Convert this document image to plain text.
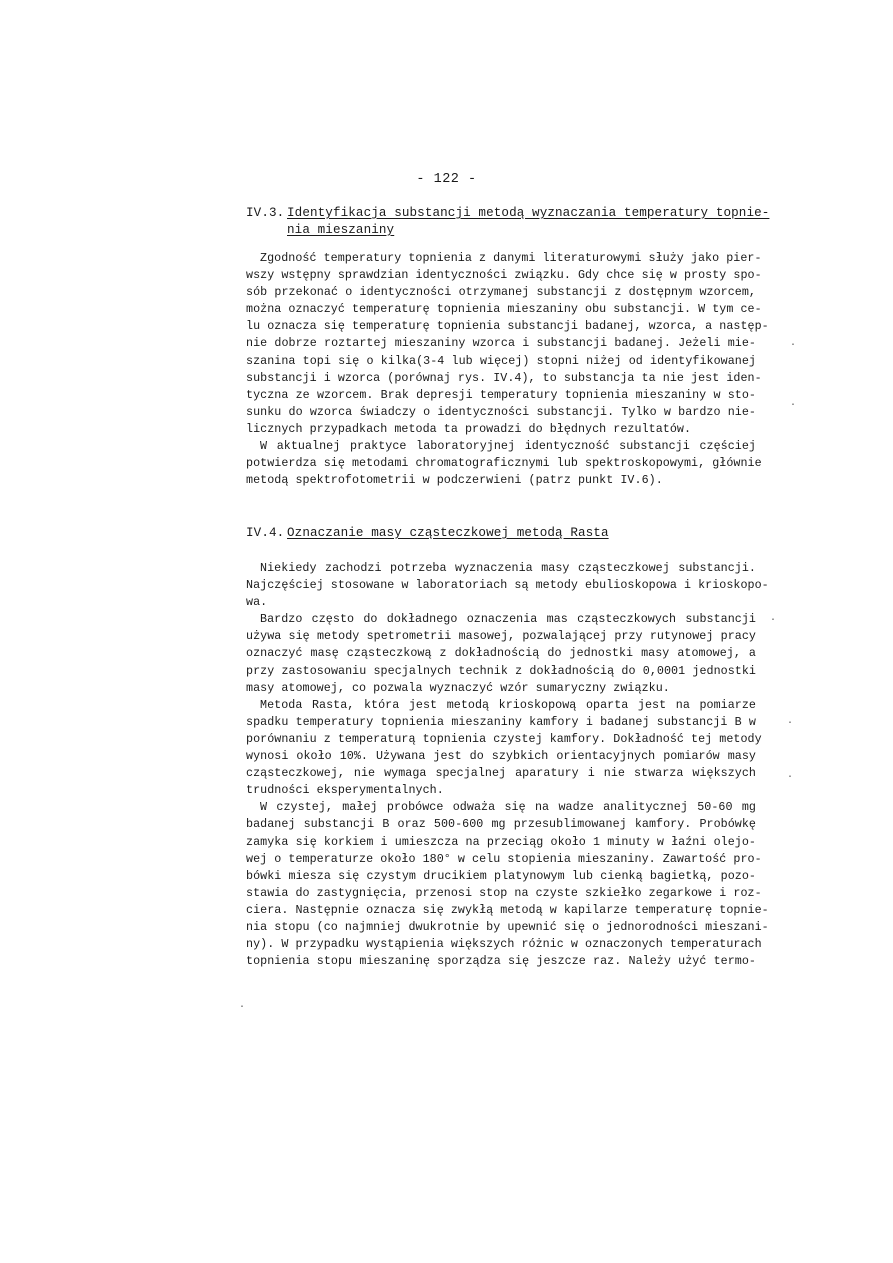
- 122 -
IV.3. Identyfikacja substancji metodą wyznaczania temperatury topnie-
nia mieszaniny
Zgodność temperatury topnienia z danymi literaturowymi służy jako pier-
wszy wstępny sprawdzian identyczności związku. Gdy chce się w prosty spo-
sób przekonać o identyczności otrzymanej substancji z dostępnym wzorcem,
można oznaczyć temperaturę topnienia mieszaniny obu substancji. W tym ce-
lu oznacza się temperaturę topnienia substancji badanej, wzorca, a następ-
nie dobrze roztartej mieszaniny wzorca i substancji badanej. Jeżeli mie-
szanina topi się o kilka(3-4 lub więcej) stopni niżej od identyfikowanej
substancji i wzorca (porównaj rys. IV.4), to substancja ta nie jest iden-
tyczna ze wzorcem. Brak depresji temperatury topnienia mieszaniny w sto-
sunku do wzorca świadczy o identyczności substancji. Tylko w bardzo nie-
licznych przypadkach metoda ta prowadzi do błędnych rezultatów.
W aktualnej praktyce laboratoryjnej identyczność substancji częściej
potwierdza się metodami chromatograficznymi lub spektroskopowymi, głównie
metodą spektrofotometrii w podczerwieni (patrz punkt IV.6).
IV.4. Oznaczanie masy cząsteczkowej metodą Rasta
Niekiedy zachodzi potrzeba wyznaczenia masy cząsteczkowej substancji.
Najczęściej stosowane w laboratoriach są metody ebulioskopowa i krioskopo-
wa.
Bardzo często do dokładnego oznaczenia mas cząsteczkowych substancji
używa się metody spetrometrii masowej, pozwalającej przy rutynowej pracy
oznaczyć masę cząsteczkową z dokładnością do jednostki masy atomowej, a
przy zastosowaniu specjalnych technik z dokładnością do 0,0001 jednostki
masy atomowej, co pozwala wyznaczyć wzór sumaryczny związku.
Metoda Rasta, która jest metodą krioskopową oparta jest na pomiarze
spadku temperatury topnienia mieszaniny kamfory i badanej substancji B w
porównaniu z temperaturą topnienia czystej kamfory. Dokładność tej metody
wynosi około 10%. Używana jest do szybkich orientacyjnych pomiarów masy
cząsteczkowej, nie wymaga specjalnej aparatury i nie stwarza większych
trudności eksperymentalnych.
W czystej, małej probówce odważa się na wadze analitycznej 50-60 mg
badanej substancji B oraz 500-600 mg przesublimowanej kamfory. Probówkę
zamyka się korkiem i umieszcza na przeciąg około 1 minuty w łaźni olejo-
wej o temperaturze około 180° w celu stopienia mieszaniny. Zawartość pro-
bówki miesza się czystym drucikiem platynowym lub cienką bagietką, pozo-
stawia do zastygnięcia, przenosi stop na czyste szkiełko zegarkowe i roz-
ciera. Następnie oznacza się zwykłą metodą w kapilarze temperaturę topnie-
nia stopu (co najmniej dwukrotnie by upewnić się o jednorodności mieszani-
ny). W przypadku wystąpienia większych różnic w oznaczonych temperaturach
topnienia stopu mieszaninę sporządza się jeszcze raz. Należy użyć termo-
·
·
·
·
·
·
